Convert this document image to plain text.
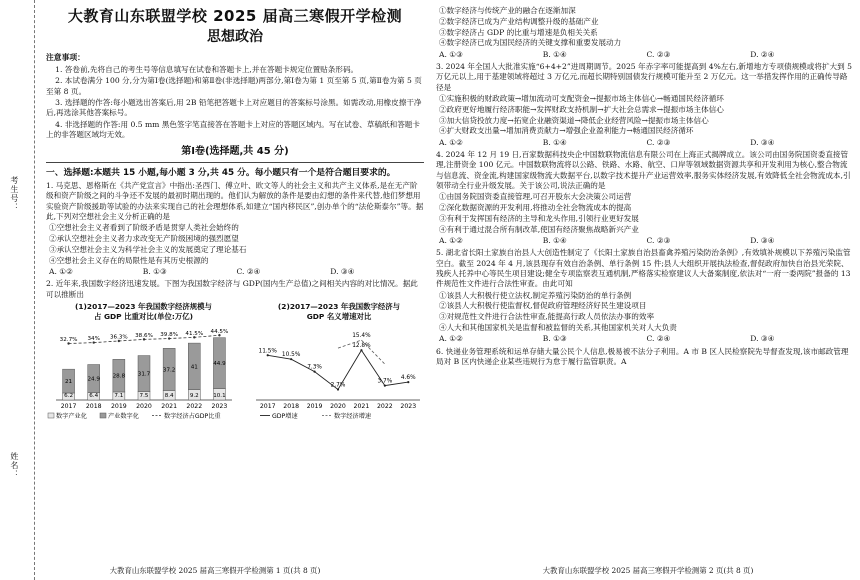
考生号：
姓名：
大教育山东联盟学校 2025 届高三寒假开学检测
思想政治
注意事项：
1. 答卷前,先将自己的考生号等信息填写在试卷和答题卡上,并在答题卡规定位置贴条形码。
2. 本试卷满分 100 分,分为第Ⅰ卷(选择题)和第Ⅱ卷(非选择题)两部分,第Ⅰ卷为第 1 页至第 5 页,第Ⅱ卷为第 5 页至第 8 页。
3. 选择题的作答:每小题选出答案后,用 2B 铅笔把答题卡上对应题目的答案标号涂黑。如需改动,用橡皮擦干净后,再选涂其他答案标号。
4. 非选择题的作答:用 0.5 mm 黑色签字笔直接答在答题卡上对应的答题区域内。写在试卷、草稿纸和答题卡上的非答题区域均无效。
第Ⅰ卷(选择题,共 45 分)
一、选择题:本题共 15 小题,每小题 3 分,共 45 分。每小题只有一个是符合题目要求的。
1. 马克思、恩格斯在《共产党宣言》中指出:圣西门、傅立叶、欧文等人的社会主义和共产主义体系,是在无产阶级和资产阶级之间的斗争还不发展的最初时期出现的。他们认为解放的条件是要由幻想的条件来代替,他们梦想用实验资产阶级援助等试验的办法来实现自己的社会理想体系,如建立“国内移民区”,创办单个的“法伦斯泰尔”等。据此,下列对空想社会主义分析正确的是
①空想社会主义者看到了阶级矛盾是贯穿人类社会始终的
②承认空想社会主义者力求改变无产阶级困境的强烈愿望
③承认空想社会主义为科学社会主义的发展奠定了理论基石
④空想社会主义存在的局限性是有其历史根源的
A. ①②	B. ①③	C. ②④	D. ③④
2. 近年来,我国数字经济迅速发展。下图为我国数字经济与 GDP(国内生产总值)之间相关内容的对比情况。据此可以推断出
(1)2017—2023 年我国数字经济规模与
占 GDP 比重对比(单位:万亿)
(2)2017—2023 年我国数字经济与
GDP 名义增速对比
6.2
21
2017
6.4
24.9
2018
7.1
28.8
2019
7.5
31.7
2020
8.4
37.2
2021
9.2
41
2022
10.1
44.9
2023
32.7% 34% 36.3% 38.6% 39.8% 41.5% 44.5%
数字产业化	产业数字化	数字经济占GDP比重
2017 2018 2019 2020 2021 2022 2023
11.5%
10.5%
7.3%
2.7%
12.8%
3.7%
4.6%
15.4%
GDP增速	数字经济增速
大教育山东联盟学校 2025 届高三寒假开学检测第 1 页(共 8 页)
①数字经济与传统产业的融合在逐渐加深
②数字经济已成为产业结构调整升级的基础产业
③数字经济占 GDP 的比重与增速是负相关关系
④数字经济已成为国民经济的关键支撑和重要发展动力
A. ①③	B. ①④	C. ②③	D. ②④
3. 2024 年全国人大批准实施“6+4+2”进周期调节。2025 年赤字率可能提高到 4%左右,新增地方专项债规模或将扩大到 5 万亿元以上,用于基建领域将超过 3 万亿元,而超长期特别国债发行规模可能升至 2 万亿元。这一举措发挥作用的正确传导路径是
①实施积极的财政政策→增加流动可支配资金→提振市场主体信心→畅通国民经济循环
②政府更好地履行经济职能→发挥财政支持机制→扩大社会总需求→提振市场主体信心
③加大信贷投放力度→拓宽企业融资渠道→降低企业经营风险→提振市场主体信心
④扩大财政支出量→增加消费贡献力→增强企业盈利能力→畅通国民经济循环
A. ①②	B. ①④	C. ②③	D. ③④
4. 2024 年 12 月 19 日,百家数据科技央企中国数联物流信息有限公司在上海正式揭牌成立。该公司由国务院国资委直接管理,注册资金 100 亿元。中国数联物流将以公路、铁路、水路、航空、口岸等领域数据资源共享和开发利用为核心,整合物流与信息流、资金流,构建国家级物流大数据平台,以数字技术提升产业运营效率,服务实体经济发展,有效降低全社会物流成本,引领带动全行业升级发展。关于该公司,说法正确的是
①由国务院国资委直接管理,可召开股东大会决策公司运营
②深化数据资源的开发利用,将推动全社会物流成本的提高
③有利于发挥国有经济的主导和龙头作用,引领行业更好发展
④有利于通过混合所有制改革,使国有经济聚焦战略新兴产业
A. ①②	B. ①④	C. ②③	D. ③④
5. 湖北省长阳土家族自治县人大创造性制定了《长阳土家族自治县畜禽养殖污染防治条例》,有效填补规模以下养殖污染监管空白。截至 2024 年 4 月,该县现存有效自治条例、单行条例 15 件;县人大组织开展执法检查,督促政府加快自治县光荣院、残疾人托养中心等民生项目建设;健全专项监察表互通机制,严格落实检察建议人大备案制度,依法对“一府一委两院”报备的 13 件规范性文件进行合法性审查。由此可知
①该县人大积极行使立法权,制定养殖污染防治的单行条例
②该县人大积极行使监督权,督促政府管理经济好民生建设项目
③对规范性文件进行合法性审查,能提高行政人员依法办事的效率
④人大和其他国家机关是监督和被监督的关系,其他国家机关对人大负责
A. ①②	B. ①③	C. ②④	D. ③④
6. 快递业务管理系统和运单存储大量公民个人信息,极易被不法分子利用。A 市 B 区人民检察院先导督查发现,该市邮政管理局对 B 区内快递企业某些违规行为怠于履行监管职责。A
大教育山东联盟学校 2025 届高三寒假开学检测第 2 页(共 8 页)
